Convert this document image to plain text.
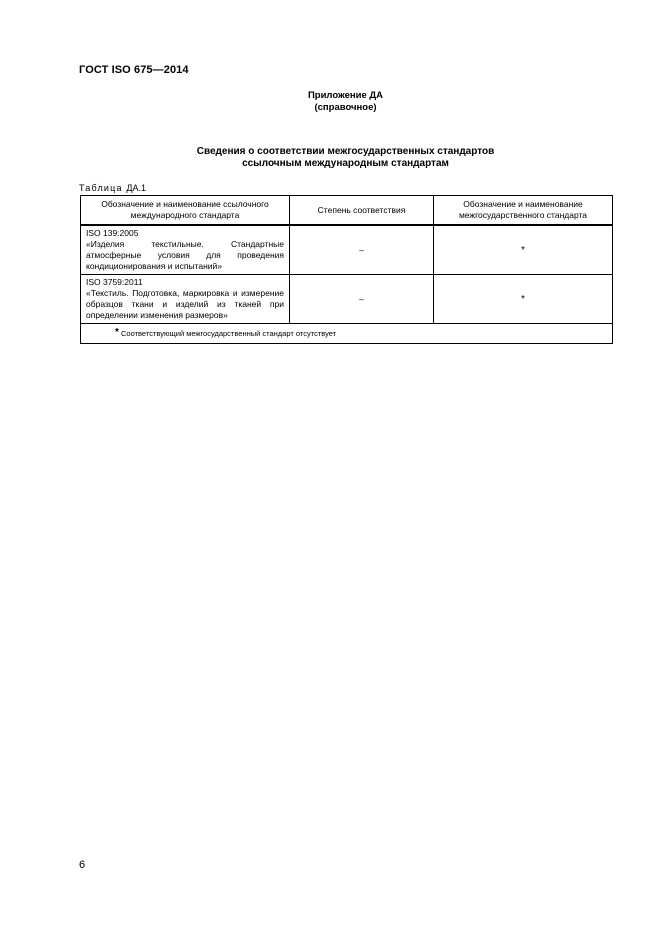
ГОСТ ISO 675—2014
Приложение ДА
(справочное)
Сведения о соответствии межгосударственных стандартов
ссылочным международным стандартам
Таблица ДА.1
Обозначение и наименование ссылочного международного стандарта	Степень соответствия	Обозначение и наименование межгосударственного стандарта

ISO 139:2005
«Изделия текстильные. Стандартные атмосферные условия для проведения кондиционирования и испытаний»	–	*

ISO 3759:2011
«Текстиль. Подготовка, маркировка и измерение образцов ткани и изделий из тканей при определении изменения размеров»	–	*
* Соответствующий межгосударственный стандарт отсутствует		
6
